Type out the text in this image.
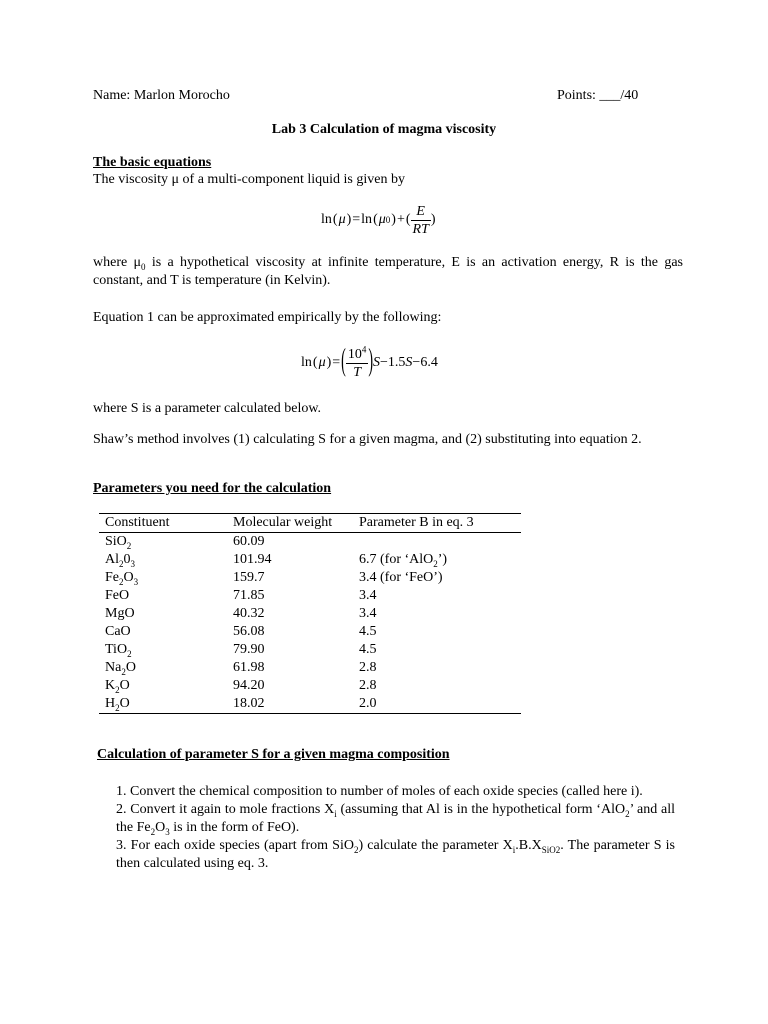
Name: Marlon Morocho	Points: ___/40
Lab 3 Calculation of magma viscosity
The basic equations
The viscosity μ of a multi-component liquid is given by
ln ( μ ) = ln ( μ 0 ) + ( $\frac{E}{RT}$ )
where $\mu_0$ is a hypothetical viscosity at infinite temperature, E is an activation energy, R is the gas constant, and T is temperature (in Kelvin).
Equation 1 can be approximated empirically by the following:
ln ( μ ) = ( $\frac{10^4}{T}$ ) S −1.5 S −6.4
where S is a parameter calculated below.
Shaw’s method involves (1) calculating S for a given magma, and (2) substituting into equation 2.
Parameters you need for the calculation
Constituent	Molecular weight	Parameter B in eq. 3
SiO$_2$	60.09	
$Al_20_3$	101.94	6.7 (for ‘AlO$_2$’)
$Fe_2O_3$	159.7	3.4 (for ‘FeO’)
FeO	71.85	3.4
MgO	40.32	3.4
CaO	56.08	4.5
TiO$_2$	79.90	4.5
$Na_2O$	61.98	2.8
$K_2O$	94.20	2.8
$H_2O$	18.02	2.0
Calculation of parameter S for a given magma composition
1. Convert the chemical composition to number of moles of each oxide species (called here i).
2. Convert it again to mole fractions $X_i$ (assuming that Al is in the hypothetical form ‘AlO$_2$’ and all the $Fe_2O_3$ is in the form of FeO).
3. For each oxide species (apart from SiO$_2$) calculate the parameter $X_i.B.X_{SiO2}$. The parameter S is then calculated using eq. 3.
